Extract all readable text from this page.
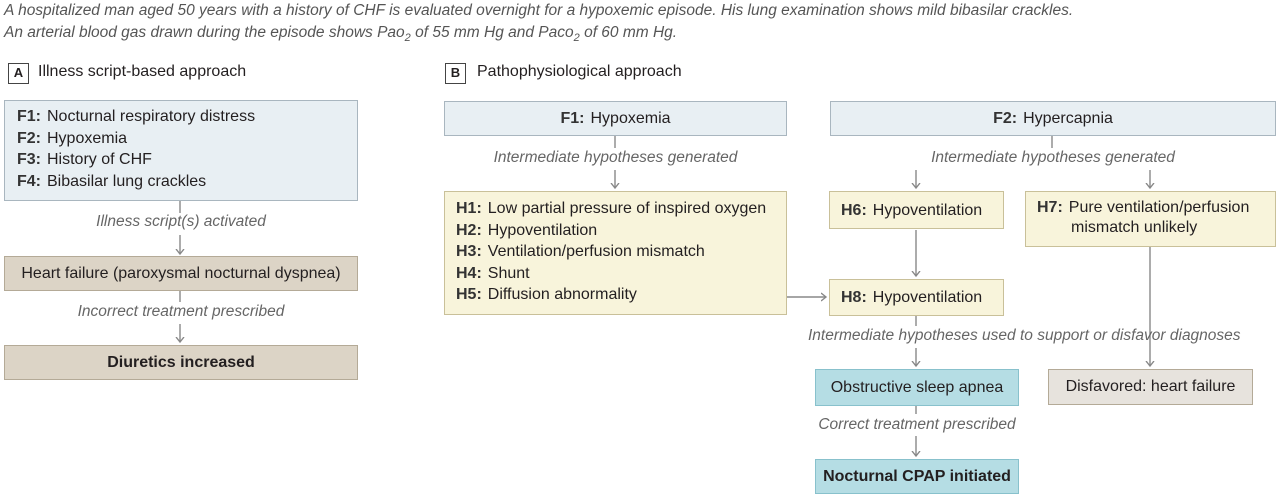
A hospitalized man aged 50 years with a history of CHF is evaluated overnight for a hypoxemic episode. His lung examination shows mild bibasilar crackles.

An arterial blood gas drawn during the episode shows Pao$_2$ of 55 mm Hg and Paco$_2$ of 60 mm Hg.

A Illness script-based approach
F1: Nocturnal respiratory distress
F2: Hypoxemia
F3: History of CHF
F4: Bibasilar lung crackles
Illness script(s) activated
Heart failure (paroxysmal nocturnal dyspnea)
Incorrect treatment prescribed
Diuretics increased
B	Pathophysiological approach
F1: Hypoxemia	F2: Hypercapnia
Intermediate hypotheses generated	Intermediate hypotheses generated
H1: Low partial pressure of inspired oxygen
H2: Hypoventilation
H3: Ventilation/perfusion mismatch
H4: Shunt
H5: Diffusion abnormality
H6: Hypoventilation	H7: Pure ventilation/perfusion
mismatch unlikely
H8: Hypoventilation
Intermediate hypotheses used to support or disfavor diagnoses
Obstructive sleep apnea	Disfavored: heart failure
Correct treatment prescribed
Nocturnal CPAP initiated
